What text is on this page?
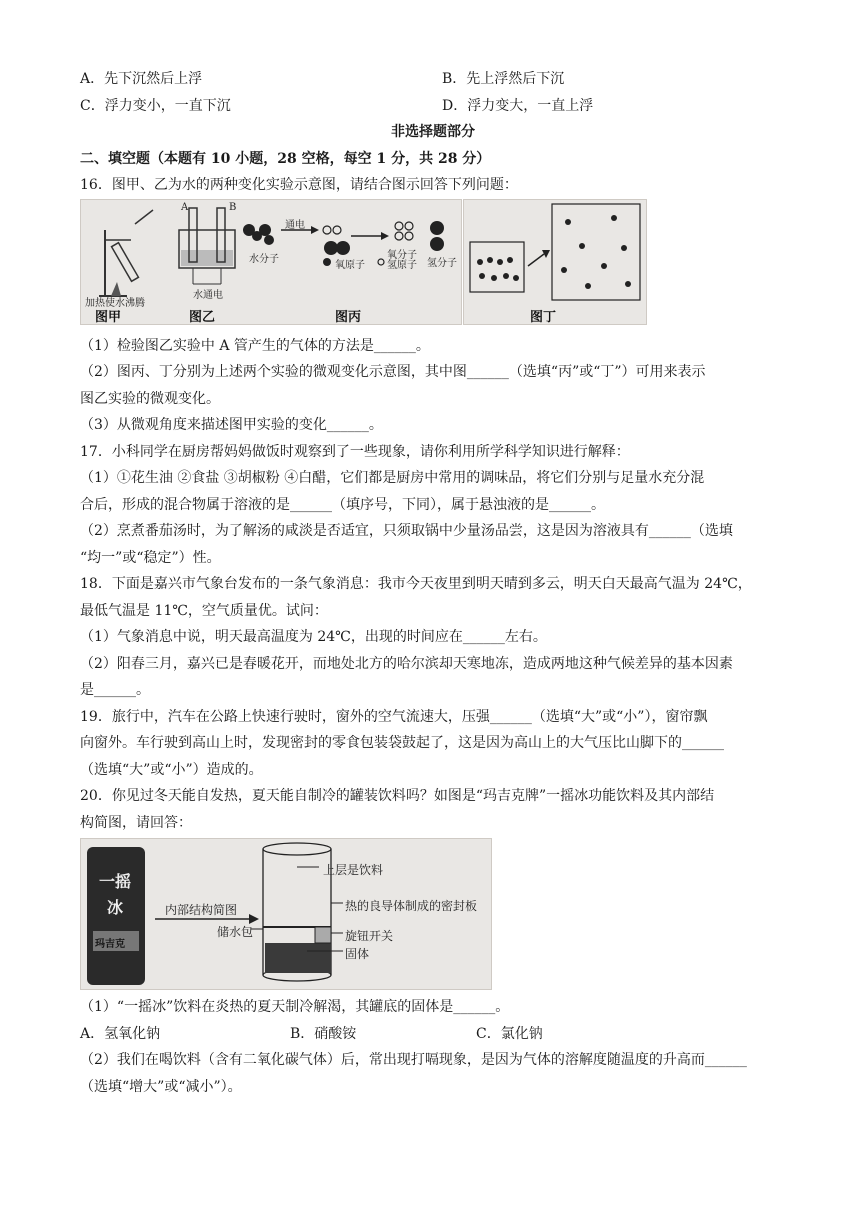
A．先下沉然后上浮	B．先上浮然后下沉
C．浮力变小，一直下沉	D．浮力变大，一直上浮
非选择题部分
二、填空题（本题有 10 小题，28 空格，每空 1 分，共 28 分）
16．图甲、乙为水的两种变化实验示意图，请结合图示回答下列问题：
加热使水沸腾
水通电
A	B
通电
水分子	氧分子
氢分子
氧原子 氢原子
图甲	图乙	图丙	图丁
（1）检验图乙实验中 A 管产生的气体的方法是______。
（2）图丙、丁分别为上述两个实验的微观变化示意图，其中图______（选填“丙”或“丁”）可用来表示
图乙实验的微观变化。
（3）从微观角度来描述图甲实验的变化______。
17．小科同学在厨房帮妈妈做饭时观察到了一些现象，请你利用所学科学知识进行解释：
（1）①花生油 ②食盐 ③胡椒粉 ④白醋，它们都是厨房中常用的调味品，将它们分别与足量水充分混
合后，形成的混合物属于溶液的是______（填序号，下同），属于悬浊液的是______。
（2）烹煮番茄汤时，为了解汤的咸淡是否适宜，只须取锅中少量汤品尝，这是因为溶液具有______（选填
“均一”或“稳定”）性。
18．下面是嘉兴市气象台发布的一条气象消息：我市今天夜里到明天晴到多云，明天白天最高气温为 24℃，
最低气温是 11℃，空气质量优。试问：
（1）气象消息中说，明天最高温度为 24℃，出现的时间应在______左右。
（2）阳春三月，嘉兴已是春暖花开，而地处北方的哈尔滨却天寒地冻，造成两地这种气候差异的基本因素
是______。
19．旅行中，汽车在公路上快速行驶时，窗外的空气流速大，压强______（选填“大”或“小”），窗帘飘
向窗外。车行驶到高山上时，发现密封的零食包装袋鼓起了，这是因为高山上的大气压比山脚下的______
（选填“大”或“小”）造成的。
20．你见过冬天能自发热，夏天能自制冷的罐装饮料吗？如图是“玛吉克牌”一摇冰功能饮料及其内部结
构简图，请回答：
一摇
冰
玛吉克
内部结构简图
上层是饮料
热的良导体制成的密封板
储水包	旋钮开关
固体
（1）“一摇冰”饮料在炎热的夏天制冷解渴，其罐底的固体是______。
A．氢氧化钠	B．硝酸铵	C．氯化钠
（2）我们在喝饮料（含有二氧化碳气体）后，常出现打嗝现象，是因为气体的溶解度随温度的升高而______
（选填“增大”或“减小”）。
